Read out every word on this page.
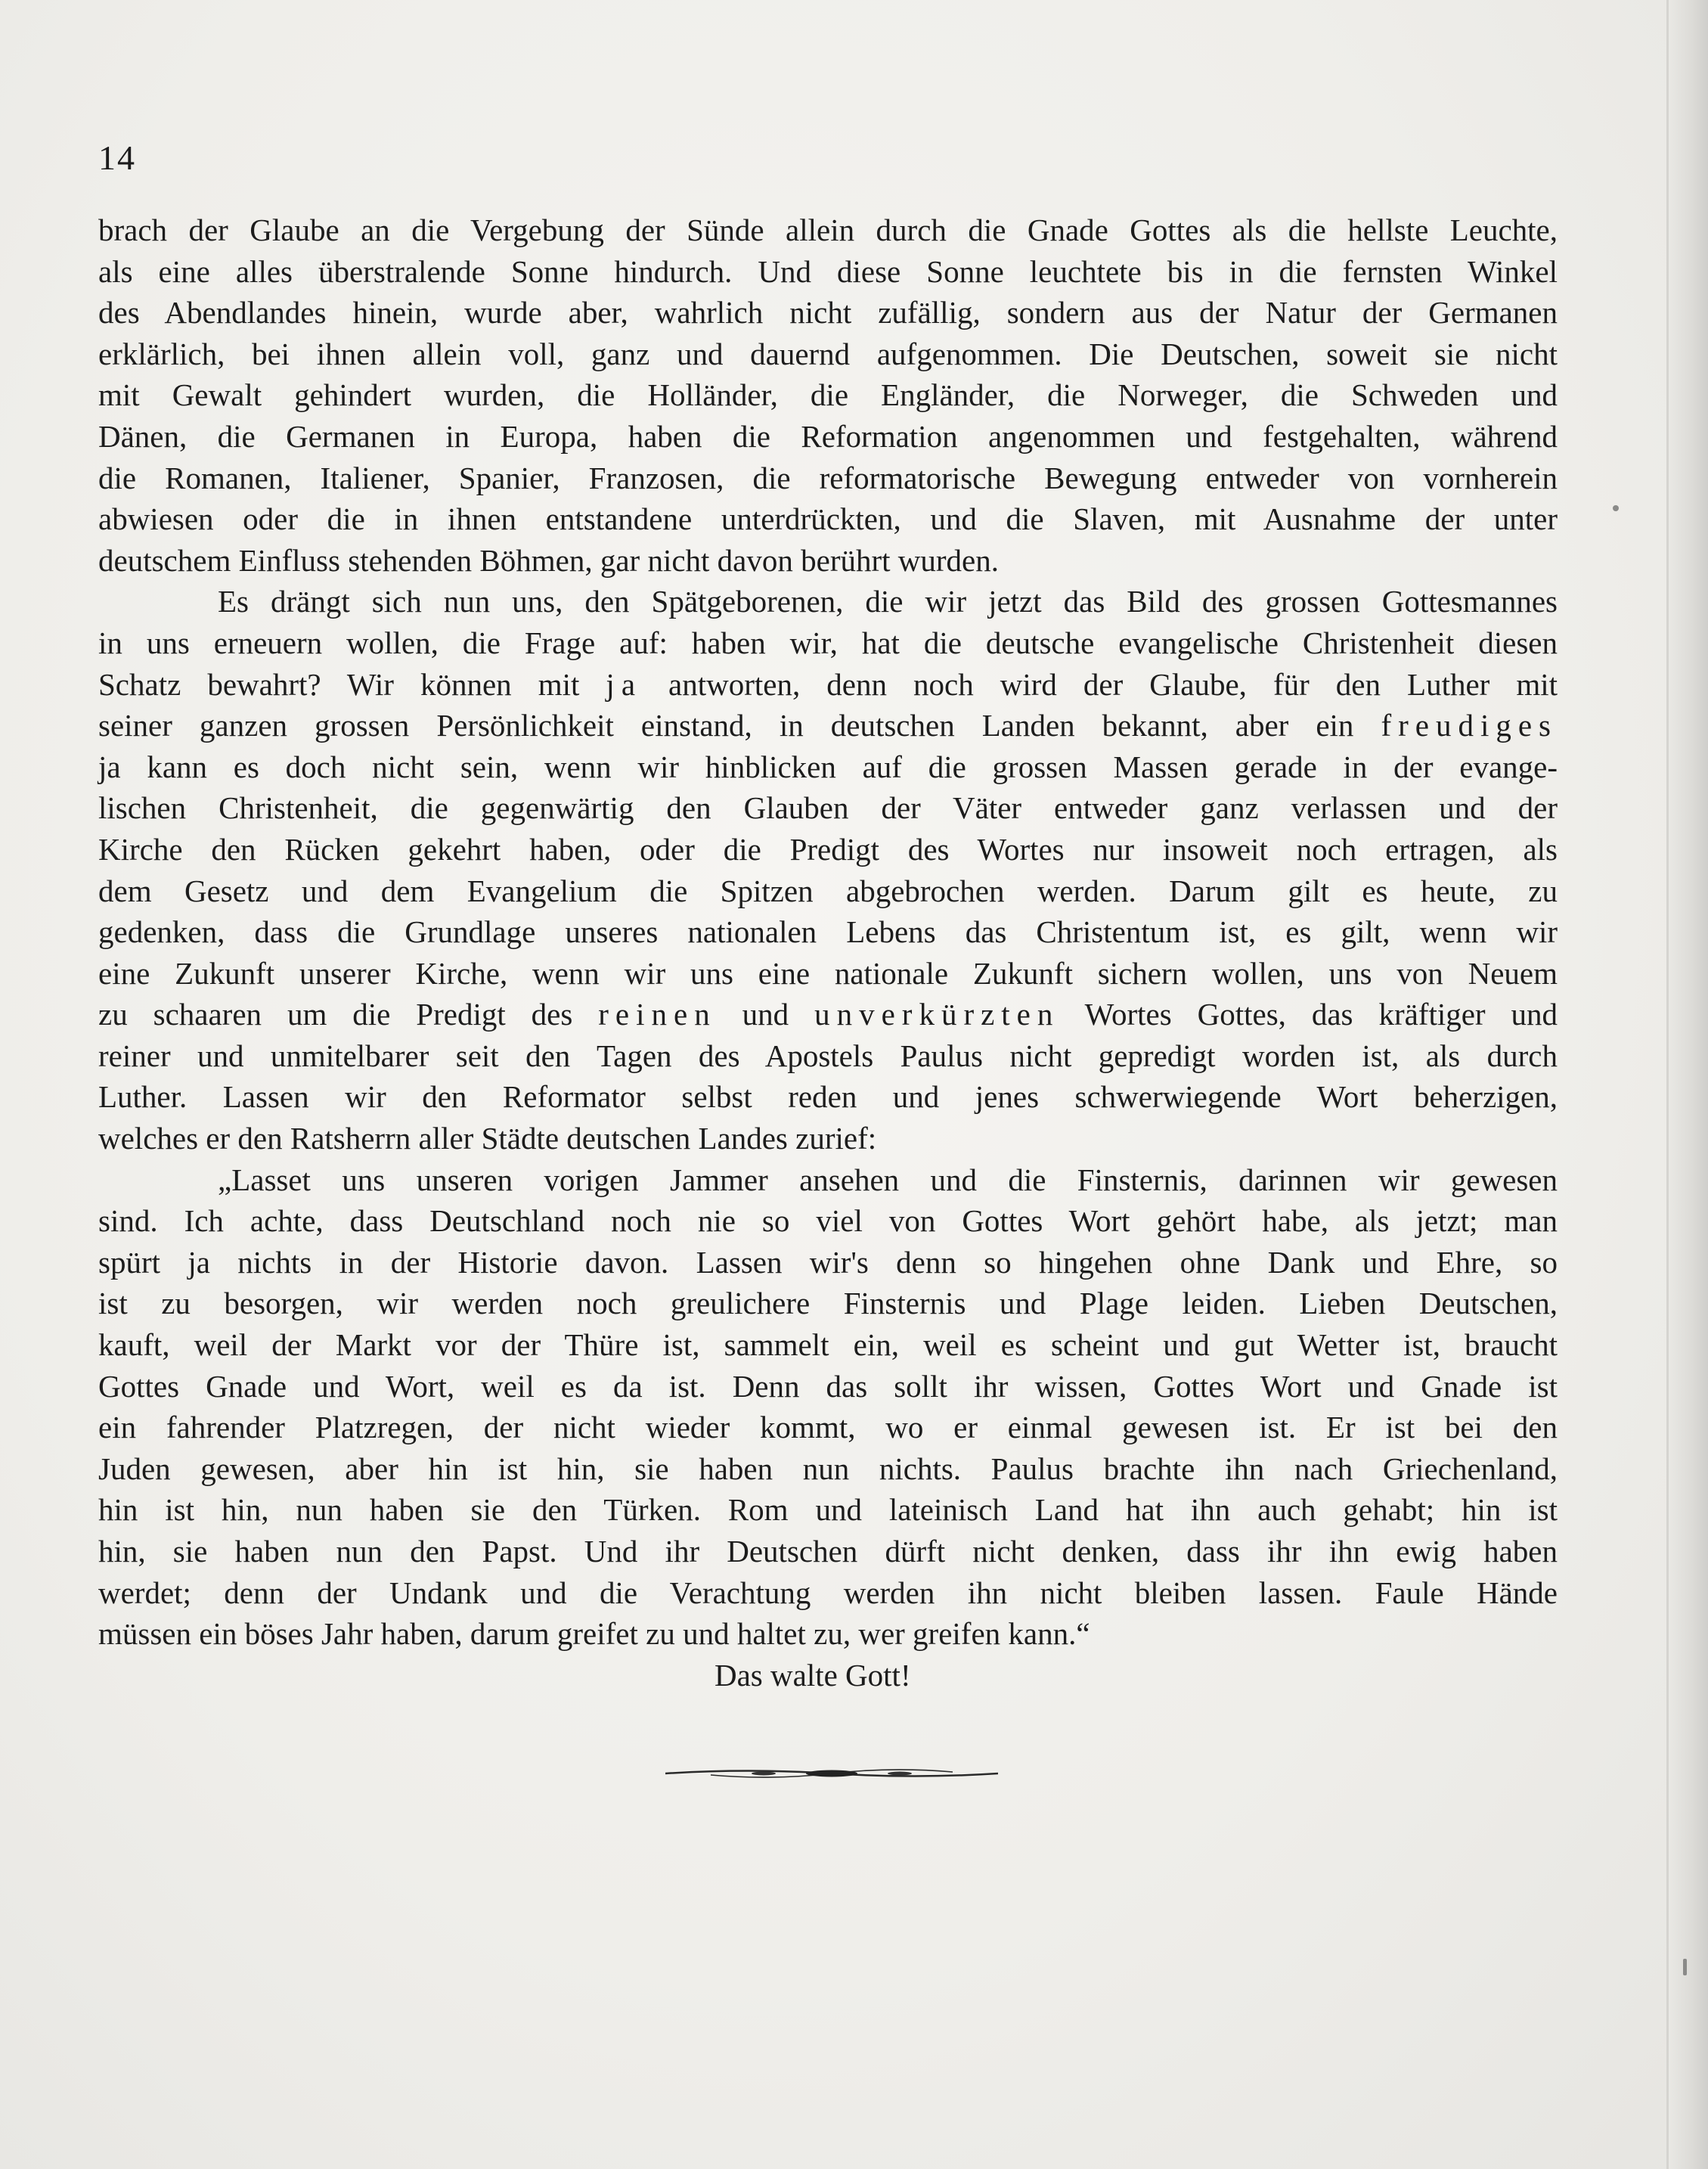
14
brach der Glaube an die Vergebung der Sünde allein durch die Gnade Gottes als die hellste Leuchte,
als eine alles überstralende Sonne hindurch. Und diese Sonne leuchtete bis in die fernsten Winkel
des Abendlandes hinein, wurde aber, wahrlich nicht zufällig, sondern aus der Natur der Germanen
erklärlich, bei ihnen allein voll, ganz und dauernd aufgenommen. Die Deutschen, soweit sie nicht
mit Gewalt gehindert wurden, die Holländer, die Engländer, die Norweger, die Schweden und
Dänen, die Germanen in Europa, haben die Reformation angenommen und festgehalten, während
die Romanen, Italiener, Spanier, Franzosen, die reformatorische Bewegung entweder von vornherein
abwiesen oder die in ihnen entstandene unterdrückten, und die Slaven, mit Ausnahme der unter
deutschem Einfluss stehenden Böhmen, gar nicht davon berührt wurden.
Es drängt sich nun uns, den Spätgeborenen, die wir jetzt das Bild des grossen Gottesmannes
in uns erneuern wollen, die Frage auf: haben wir, hat die deutsche evangelische Christenheit diesen
Schatz bewahrt? Wir können mit ja antworten, denn noch wird der Glaube, für den Luther mit
seiner ganzen grossen Persönlichkeit einstand, in deutschen Landen bekannt, aber ein freudiges
ja kann es doch nicht sein, wenn wir hinblicken auf die grossen Massen gerade in der evange-
lischen Christenheit, die gegenwärtig den Glauben der Väter entweder ganz verlassen und der
Kirche den Rücken gekehrt haben, oder die Predigt des Wortes nur insoweit noch ertragen, als
dem Gesetz und dem Evangelium die Spitzen abgebrochen werden. Darum gilt es heute, zu
gedenken, dass die Grundlage unseres nationalen Lebens das Christentum ist, es gilt, wenn wir
eine Zukunft unserer Kirche, wenn wir uns eine nationale Zukunft sichern wollen, uns von Neuem
zu schaaren um die Predigt des reinen und unverkürzten Wortes Gottes, das kräftiger und
reiner und unmitelbarer seit den Tagen des Apostels Paulus nicht gepredigt worden ist, als durch
Luther. Lassen wir den Reformator selbst reden und jenes schwerwiegende Wort beherzigen,
welches er den Ratsherrn aller Städte deutschen Landes zurief:
„Lasset uns unseren vorigen Jammer ansehen und die Finsternis, darinnen wir gewesen
sind. Ich achte, dass Deutschland noch nie so viel von Gottes Wort gehört habe, als jetzt; man
spürt ja nichts in der Historie davon. Lassen wir's denn so hingehen ohne Dank und Ehre, so
ist zu besorgen, wir werden noch greulichere Finsternis und Plage leiden. Lieben Deutschen,
kauft, weil der Markt vor der Thüre ist, sammelt ein, weil es scheint und gut Wetter ist, braucht
Gottes Gnade und Wort, weil es da ist. Denn das sollt ihr wissen, Gottes Wort und Gnade ist
ein fahrender Platzregen, der nicht wieder kommt, wo er einmal gewesen ist. Er ist bei den
Juden gewesen, aber hin ist hin, sie haben nun nichts. Paulus brachte ihn nach Griechenland,
hin ist hin, nun haben sie den Türken. Rom und lateinisch Land hat ihn auch gehabt; hin ist
hin, sie haben nun den Papst. Und ihr Deutschen dürft nicht denken, dass ihr ihn ewig haben
werdet; denn der Undank und die Verachtung werden ihn nicht bleiben lassen. Faule Hände
müssen ein böses Jahr haben, darum greifet zu und haltet zu, wer greifen kann.“
Das walte Gott!
